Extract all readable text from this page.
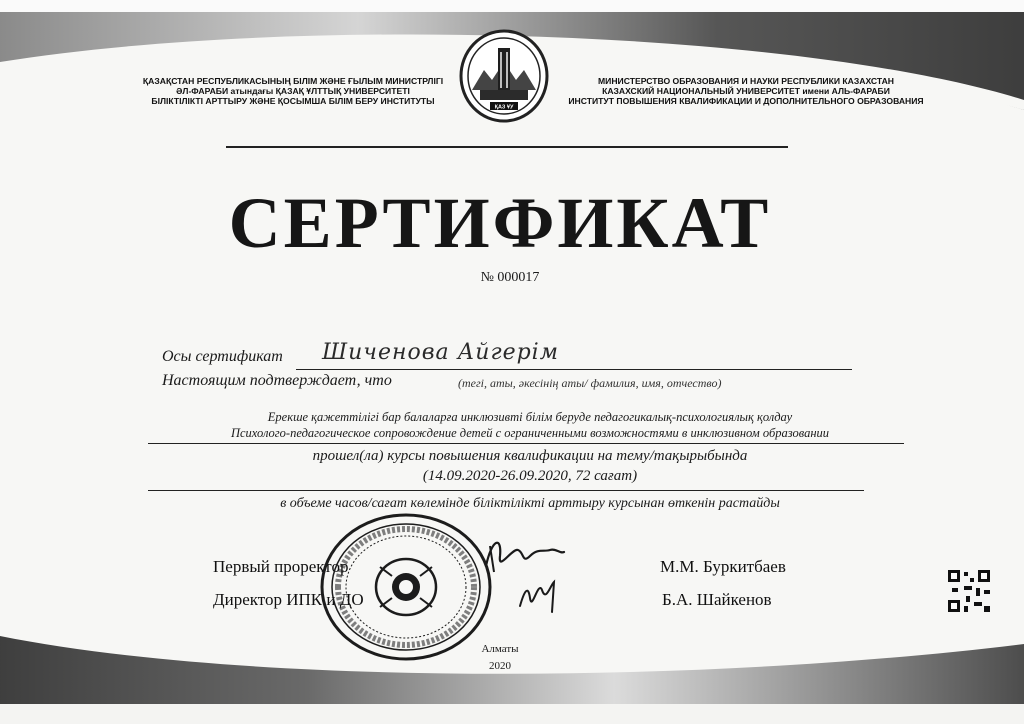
ҚАЗАҚСТАН РЕСПУБЛИКАСЫНЫҢ БІЛІМ ЖӘНЕ ҒЫЛЫМ МИНИСТРЛІГІ
ӘЛ-ФАРАБИ атындағы ҚАЗАҚ ҰЛТТЫҚ УНИВЕРСИТЕТІ
БІЛІКТІЛІКТІ АРТТЫРУ ЖӘНЕ ҚОСЫМША БІЛІМ БЕРУ ИНСТИТУТЫ
МИНИСТЕРСТВО ОБРАЗОВАНИЯ И НАУКИ РЕСПУБЛИКИ КАЗАХСТАН
КАЗАХСКИЙ НАЦИОНАЛЬНЫЙ УНИВЕРСИТЕТ имени АЛЬ-ФАРАБИ
ИНСТИТУТ ПОВЫШЕНИЯ КВАЛИФИКАЦИИ И ДОПОЛНИТЕЛЬНОГО ОБРАЗОВАНИЯ
ҚАЗ ҰУ
СЕРТИФИКАТ
№ 000017
Осы сертификат Шиченова Айгерім
Настоящим подтверждает, что	(тегі, аты, әкесінің аты/ фамилия, имя, отчество)
Ерекше қажеттілігі бар балаларға инклюзивті білім беруде педагогикалық-психологиялық қолдау
Психолого-педагогическое сопровождение детей с ограниченными возможностями в инклюзивном образовании
прошел(ла) курсы повышения квалификации на тему/тақырыбында
(14.09.2020-26.09.2020, 72 сағат)
в объеме часов/сағат көлемінде біліктілікті арттыру курсынан өткенін растайды
Первый проректор
Директор ИПК и ДО
М.М. Буркитбаев
Б.А. Шайкенов
Алматы
2020
